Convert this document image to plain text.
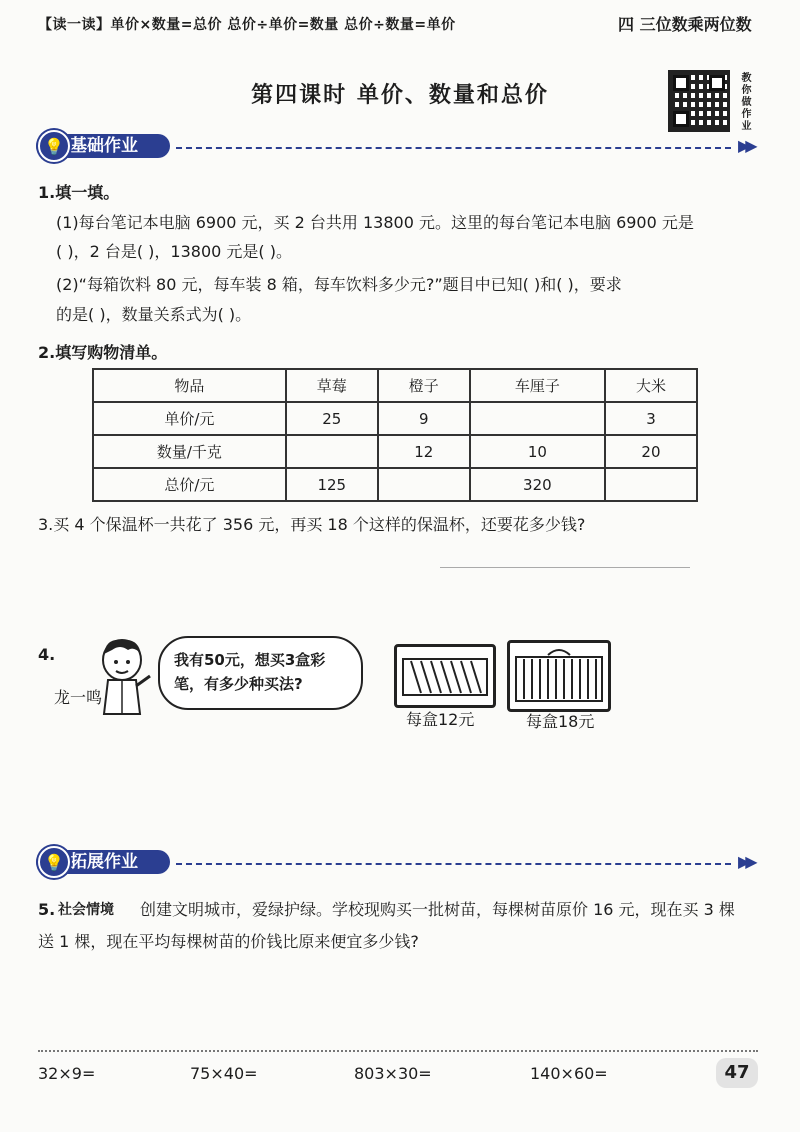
【读一读】单价×数量=总价 总价÷单价=数量 总价÷数量=单价	四 三位数乘两位数
第四课时 单价、数量和总价	教你做作业
基础作业
💡	▶▶
1.填一填。
(1)每台笔记本电脑 6900 元，买 2 台共用 13800 元。这里的每台笔记本电脑 6900 元是
( )，2 台是( )，13800 元是( )。
(2)“每箱饮料 80 元，每车装 8 箱，每车饮料多少元?”题目中已知( )和( )，要求
的是( )，数量关系式为( )。
2.填写购物清单。
物品	草莓	橙子	车厘子	大米
单价/元	25	9		3
数量/千克		12	10	20
总价/元	125		320	
3.买 4 个保温杯一共花了 356 元，再买 18 个这样的保温杯，还要花多少钱?
4.
龙一鸣
我有50元，想买3盒彩
笔，有多少种买法?
每盒12元	每盒18元
拓展作业
💡	▶▶
5. 社会情境 创建文明城市，爱绿护绿。学校现购买一批树苗，每棵树苗原价 16 元，现在买 3 棵
送 1 棵，现在平均每棵树苗的价钱比原来便宜多少钱?
32×9=	75×40=	803×30=	140×60=	47
